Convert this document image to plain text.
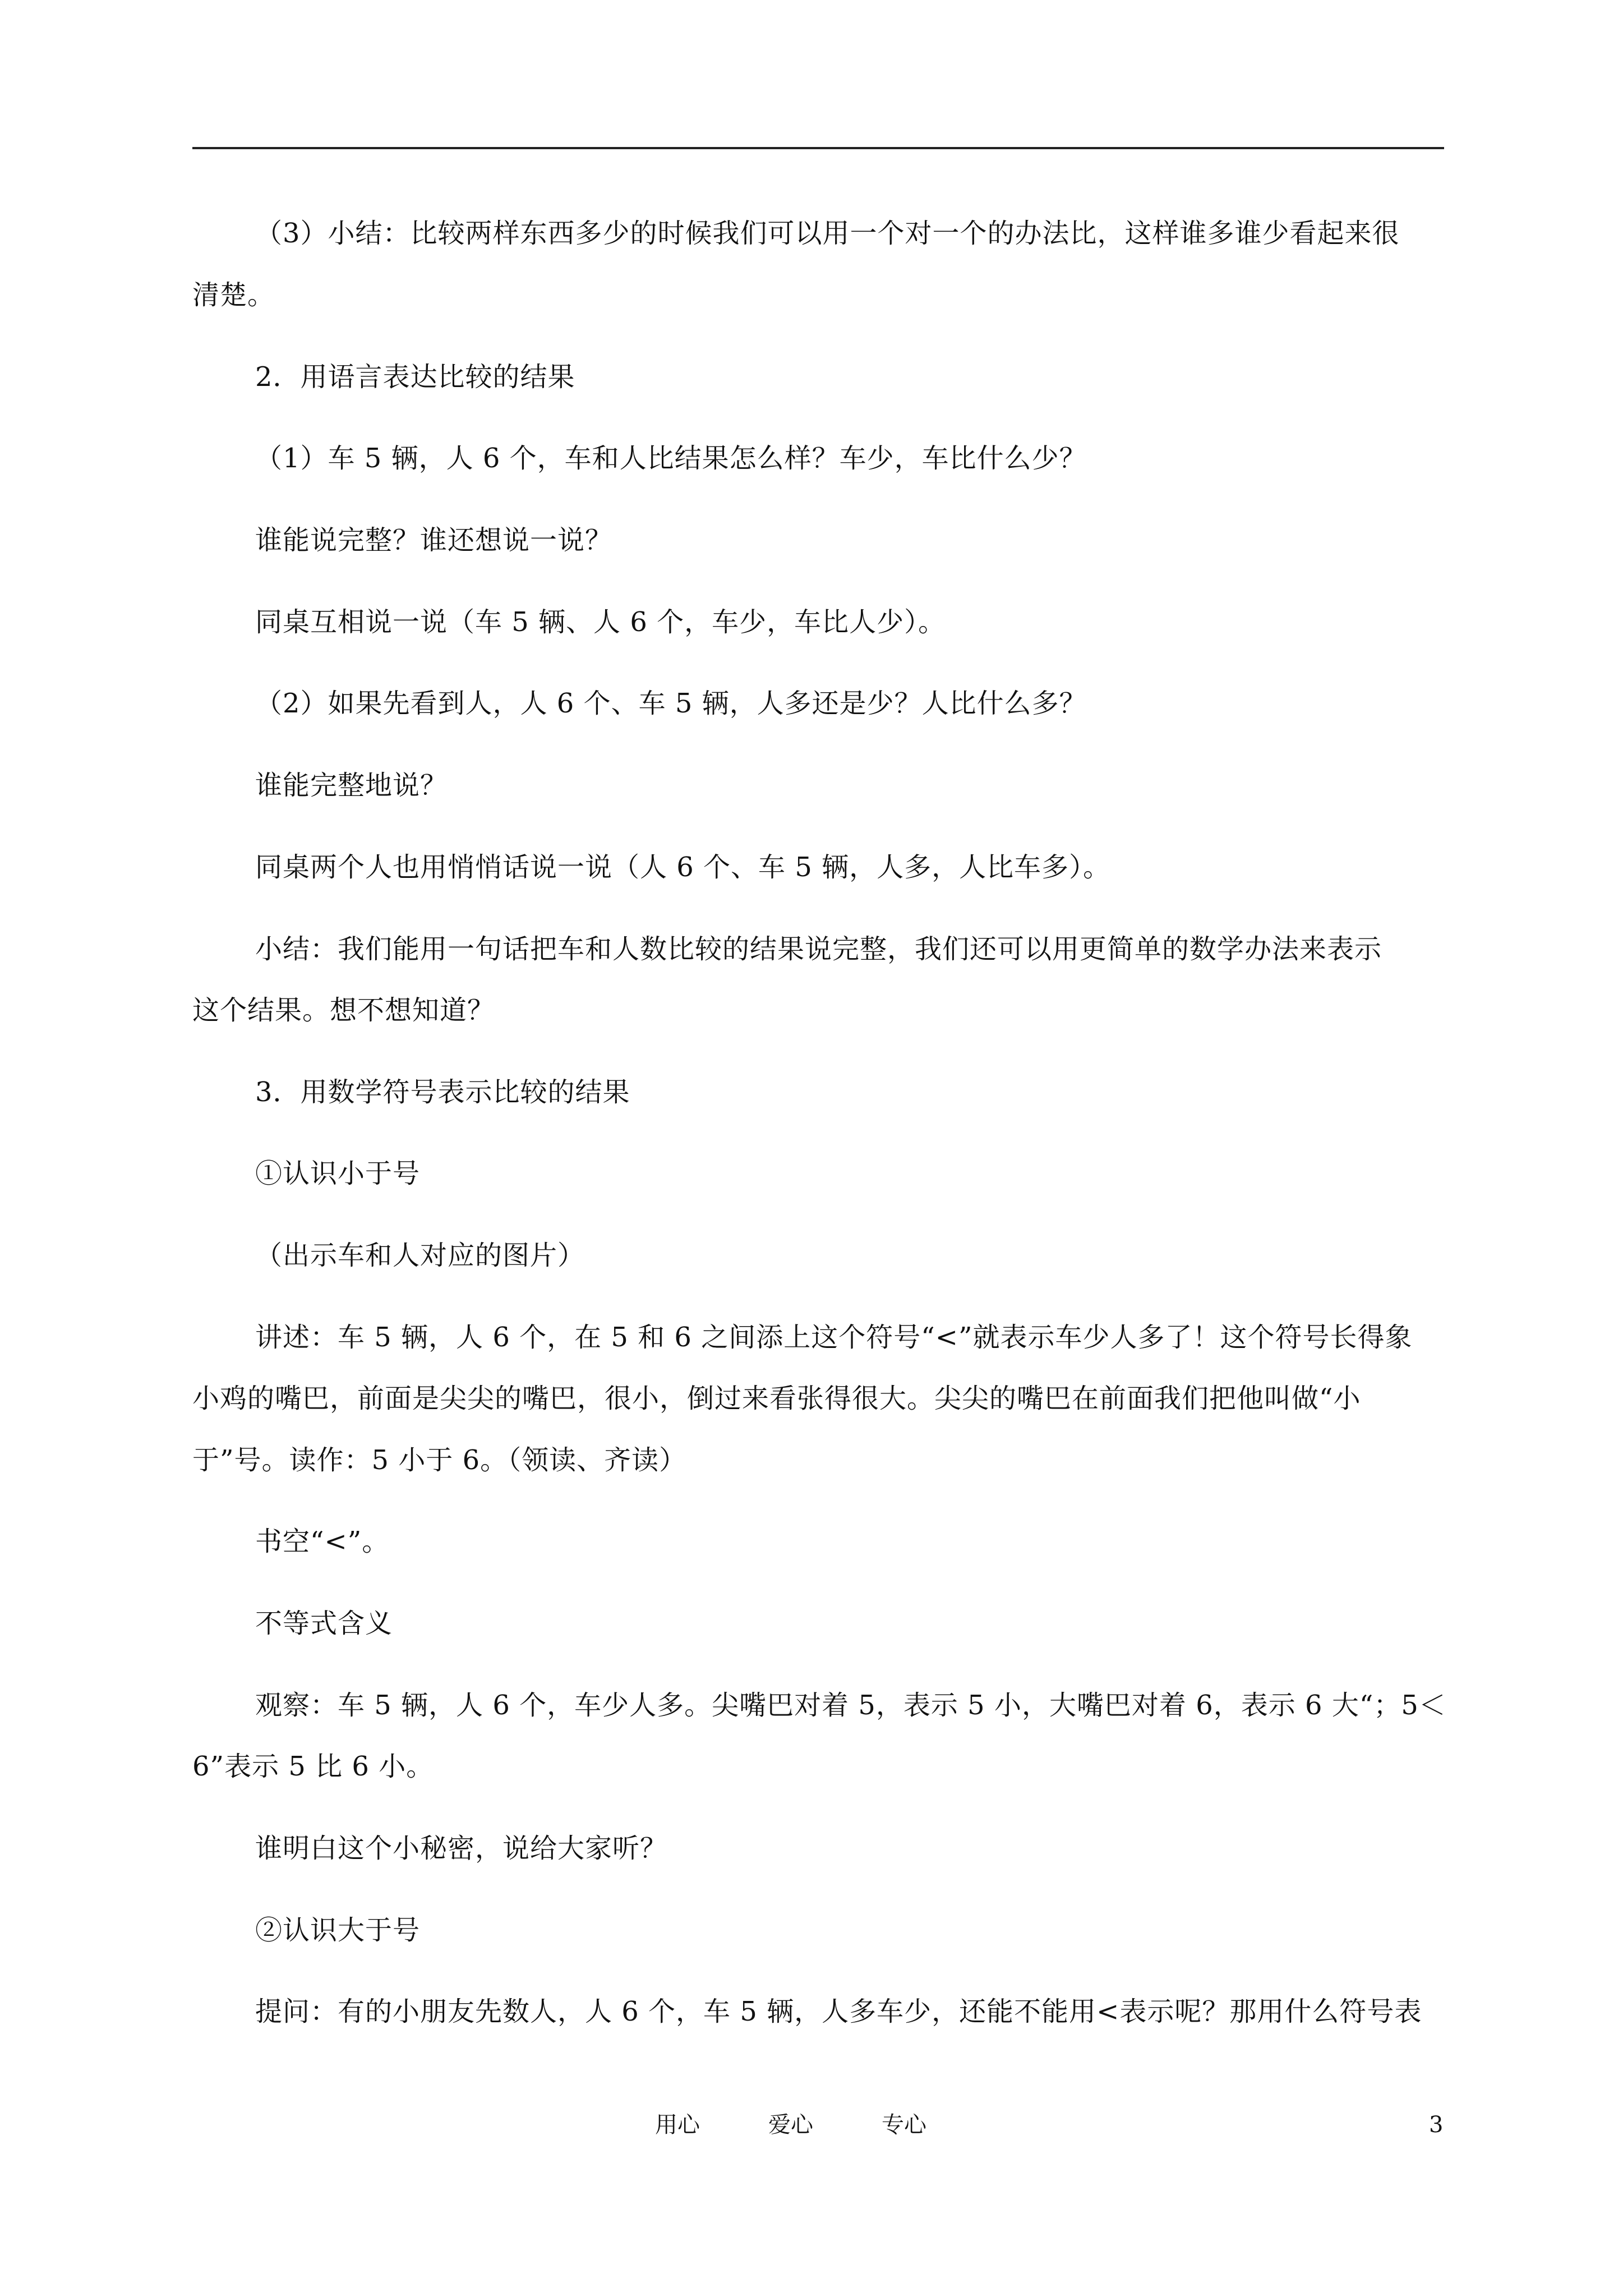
（3）小结：比较两样东西多少的时候我们可以用一个对一个的办法比，这样谁多谁少看起来很
清楚。
2．用语言表达比较的结果
（1）车 5 辆，人 6 个，车和人比结果怎么样？车少，车比什么少？
谁能说完整？谁还想说一说？
同桌互相说一说（车 5 辆、人 6 个，车少，车比人少）。
（2）如果先看到人，人 6 个、车 5 辆，人多还是少？人比什么多？
谁能完整地说？
同桌两个人也用悄悄话说一说（人 6 个、车 5 辆，人多，人比车多）。
小结：我们能用一句话把车和人数比较的结果说完整，我们还可以用更简单的数学办法来表示
这个结果。想不想知道？
3．用数学符号表示比较的结果
①认识小于号
（出示车和人对应的图片）
讲述：车 5 辆，人 6 个，在 5 和 6 之间添上这个符号“<”就表示车少人多了！这个符号长得象
小鸡的嘴巴，前面是尖尖的嘴巴，很小，倒过来看张得很大。尖尖的嘴巴在前面我们把他叫做“小
于”号。读作：5 小于 6。（领读、齐读）
书空“<”。
不等式含义
观察：车 5 辆，人 6 个，车少人多。尖嘴巴对着 5，表示 5 小，大嘴巴对着 6，表示 6 大“；5＜
6”表示 5 比 6 小。
谁明白这个小秘密，说给大家听？
②认识大于号
提问：有的小朋友先数人，人 6 个，车 5 辆，人多车少，还能不能用<表示呢？那用什么符号表
用心	爱心	专心	3
